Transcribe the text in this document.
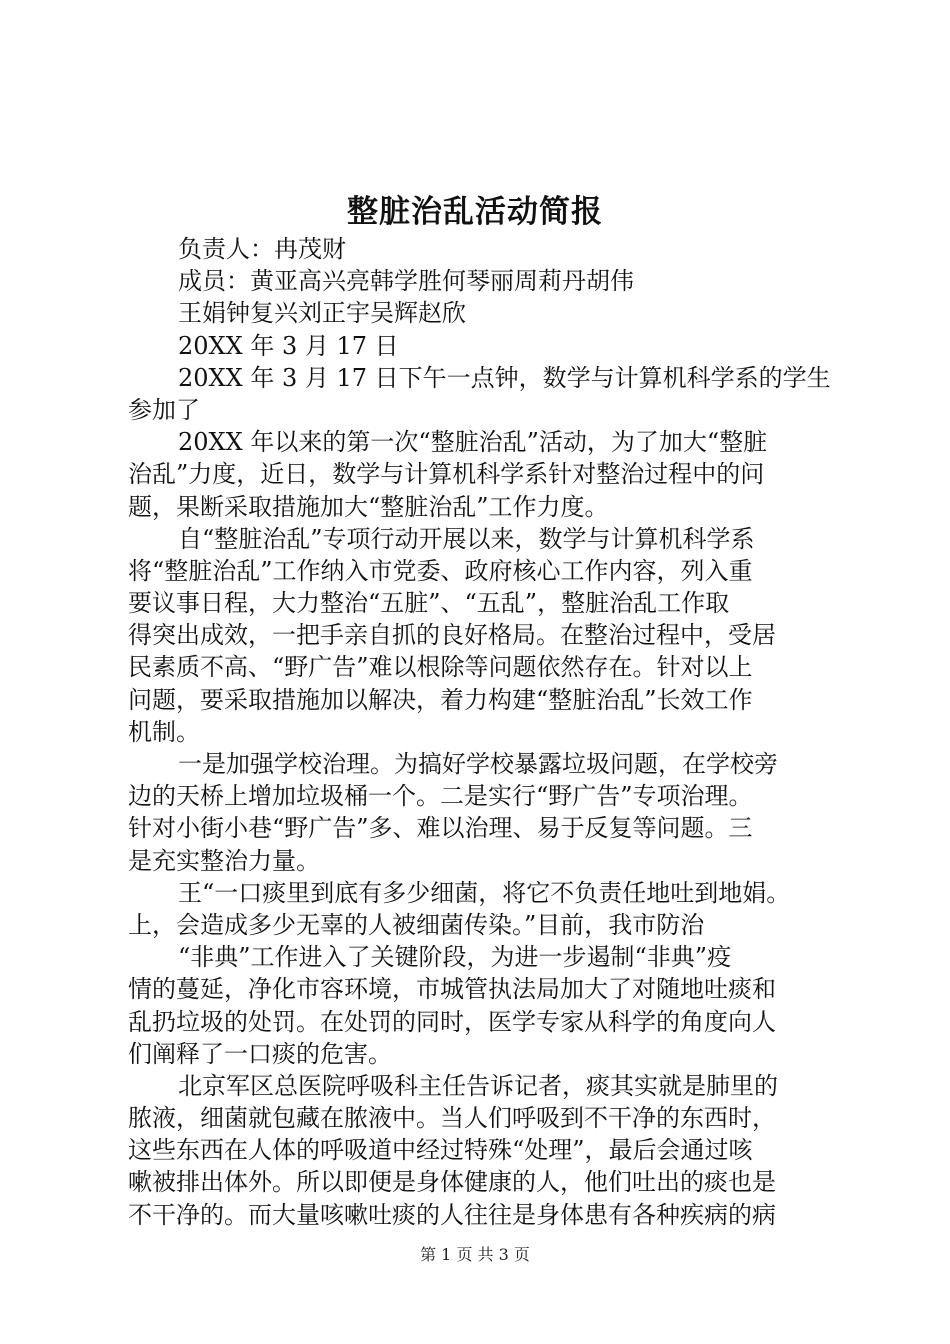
整脏治乱活动简报
负责人：冉茂财
成员：黄亚高兴亮韩学胜何琴丽周莉丹胡伟
王娟钟复兴刘正宇吴辉赵欣
20XX 年 3 月 17 日
20XX 年 3 月 17 日下午一点钟，数学与计算机科学系的学生
参加了
20XX 年以来的第一次“整脏治乱”活动，为了加大“整脏
治乱”力度，近日，数学与计算机科学系针对整治过程中的问
题，果断采取措施加大“整脏治乱”工作力度。
自“整脏治乱”专项行动开展以来，数学与计算机科学系
将“整脏治乱”工作纳入市党委、政府核心工作内容，列入重
要议事日程，大力整治“五脏”、“五乱”，整脏治乱工作取
得突出成效，一把手亲自抓的良好格局。在整治过程中，受居
民素质不高、“野广告”难以根除等问题依然存在。针对以上
问题，要采取措施加以解决，着力构建“整脏治乱”长效工作
机制。
一是加强学校治理。为搞好学校暴露垃圾问题，在学校旁
边的天桥上增加垃圾桶一个。二是实行“野广告”专项治理。
针对小街小巷“野广告”多、难以治理、易于反复等问题。三
是充实整治力量。
王“一口痰里到底有多少细菌，将它不负责任地吐到地娟。
上，会造成多少无辜的人被细菌传染。”目前，我市防治
“非典”工作进入了关键阶段，为进一步遏制“非典”疫
情的蔓延，净化市容环境，市城管执法局加大了对随地吐痰和
乱扔垃圾的处罚。在处罚的同时，医学专家从科学的角度向人
们阐释了一口痰的危害。
北京军区总医院呼吸科主任告诉记者，痰其实就是肺里的
脓液，细菌就包藏在脓液中。当人们呼吸到不干净的东西时，
这些东西在人体的呼吸道中经过特殊“处理”，最后会通过咳
嗽被排出体外。所以即便是身体健康的人，他们吐出的痰也是
不干净的。而大量咳嗽吐痰的人往往是身体患有各种疾病的病
第 1 页 共 3 页
